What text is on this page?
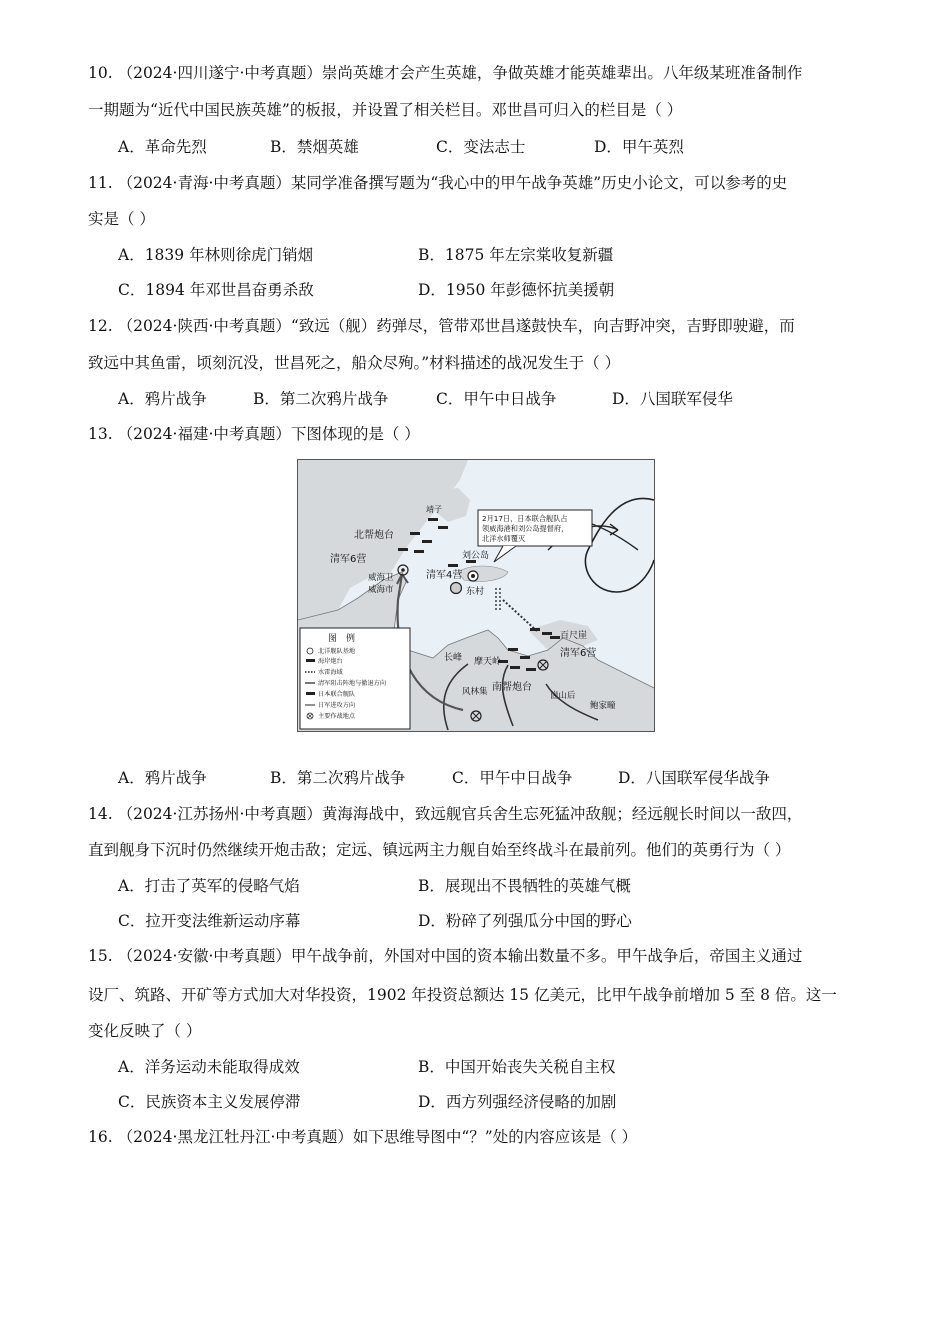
10. （2024·四川遂宁·中考真题）崇尚英雄才会产生英雄，争做英雄才能英雄辈出。八年级某班准备制作
一期题为“近代中国民族英雄”的板报，并设置了相关栏目。邓世昌可归入的栏目是（ ）
A．革命先烈	B．禁烟英雄	C．变法志士	D．甲午英烈
11. （2024·青海·中考真题）某同学准备撰写题为“我心中的甲午战争英雄”历史小论文，可以参考的史
实是（ ）
A．1839 年林则徐虎门销烟	B．1875 年左宗棠收复新疆
C．1894 年邓世昌奋勇杀敌	D．1950 年彭德怀抗美援朝
12. （2024·陕西·中考真题）“致远（舰）药弹尽，管带邓世昌遂鼓快车，向吉野冲突，吉野即驶避，而
致远中其鱼雷，顷刻沉没，世昌死之，船众尽殉。”材料描述的战况发生于（ ）
A．鸦片战争	B．第二次鸦片战争	C．甲午中日战争	D．八国联军侵华
13. （2024·福建·中考真题）下图体现的是（ ）
2月17日，日本联合舰队占
领威海港和刘公岛提督府，
北洋水师覆灭
靖子
北帮炮台
清军6营
威海卫
威海市
清军4营
刘公岛
东村
百尺崖
清军6营
长峰 摩天岭
南帮炮台
风林集	崮山后
鲍家疃
图　例
北洋舰队基地
海岸炮台
水雷海域
清军阻击阵地与撤退方向
日本联合舰队
日军进攻方向
主要作战地点
A．鸦片战争	B．第二次鸦片战争	C．甲午中日战争	D．八国联军侵华战争
14. （2024·江苏扬州·中考真题）黄海海战中，致远舰官兵舍生忘死猛冲敌舰；经远舰长时间以一敌四，
直到舰身下沉时仍然继续开炮击敌；定远、镇远两主力舰自始至终战斗在最前列。他们的英勇行为（ ）
A．打击了英军的侵略气焰	B．展现出不畏牺牲的英雄气概
C．拉开变法维新运动序幕	D．粉碎了列强瓜分中国的野心
15. （2024·安徽·中考真题）甲午战争前，外国对中国的资本输出数量不多。甲午战争后，帝国主义通过
设厂、筑路、开矿等方式加大对华投资，1902 年投资总额达 15 亿美元，比甲午战争前增加 5 至 8 倍。这一
变化反映了（ ）
A．洋务运动未能取得成效	B．中国开始丧失关税自主权
C．民族资本主义发展停滞	D．西方列强经济侵略的加剧
16. （2024·黑龙江牡丹江·中考真题）如下思维导图中“？”处的内容应该是（ ）
